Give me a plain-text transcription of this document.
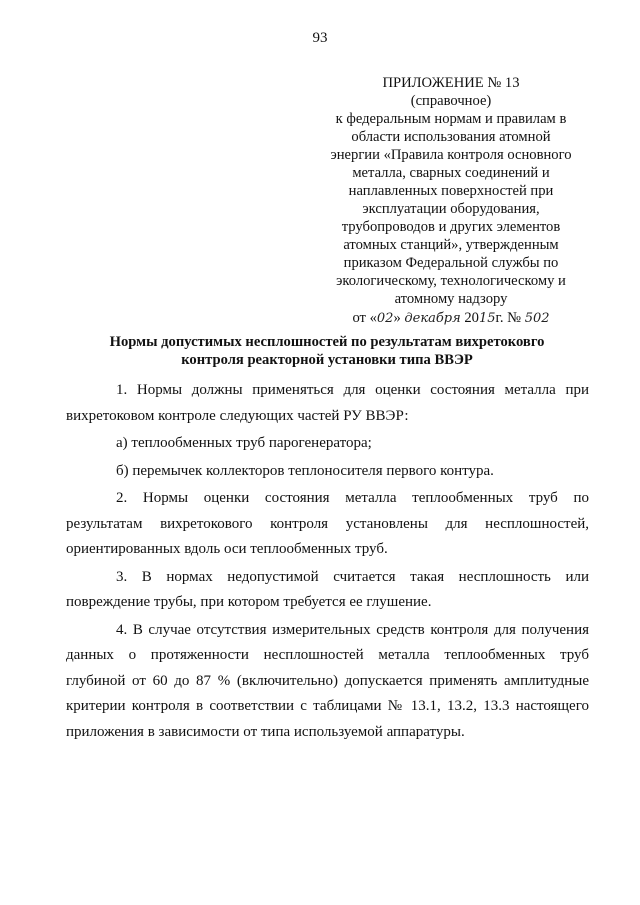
93
ПРИЛОЖЕНИЕ № 13
(справочное)
к федеральным нормам и правилам в
области использования атомной
энергии «Правила контроля основного
металла, сварных соединений и
наплавленных поверхностей при
эксплуатации оборудования,
трубопроводов и других элементов
атомных станций», утвержденным
приказом Федеральной службы по
экологическому, технологическому и
атомному надзору
от «02» декабря 2015г. № 502
Нормы допустимых несплошностей по результатам вихретоковго
контроля реакторной установки типа ВВЭР
1. Нормы должны применяться для оценки состояния металла при
вихретоковом контроле следующих частей РУ ВВЭР:
а) теплообменных труб парогенератора;
б) перемычек коллекторов теплоносителя первого контура.
2. Нормы оценки состояния металла теплообменных труб по
результатам вихретокового контроля установлены для несплошностей,
ориентированных вдоль оси теплообменных труб.
3. В нормах недопустимой считается такая несплошность или
повреждение трубы, при котором требуется ее глушение.
4. В случае отсутствия измерительных средств контроля для получения
данных о протяженности несплошностей металла теплообменных труб
глубиной от 60 до 87 % (включительно) допускается применять амплитудные
критерии контроля в соответствии с таблицами № 13.1, 13.2, 13.3 настоящего
приложения в зависимости от типа используемой аппаратуры.
